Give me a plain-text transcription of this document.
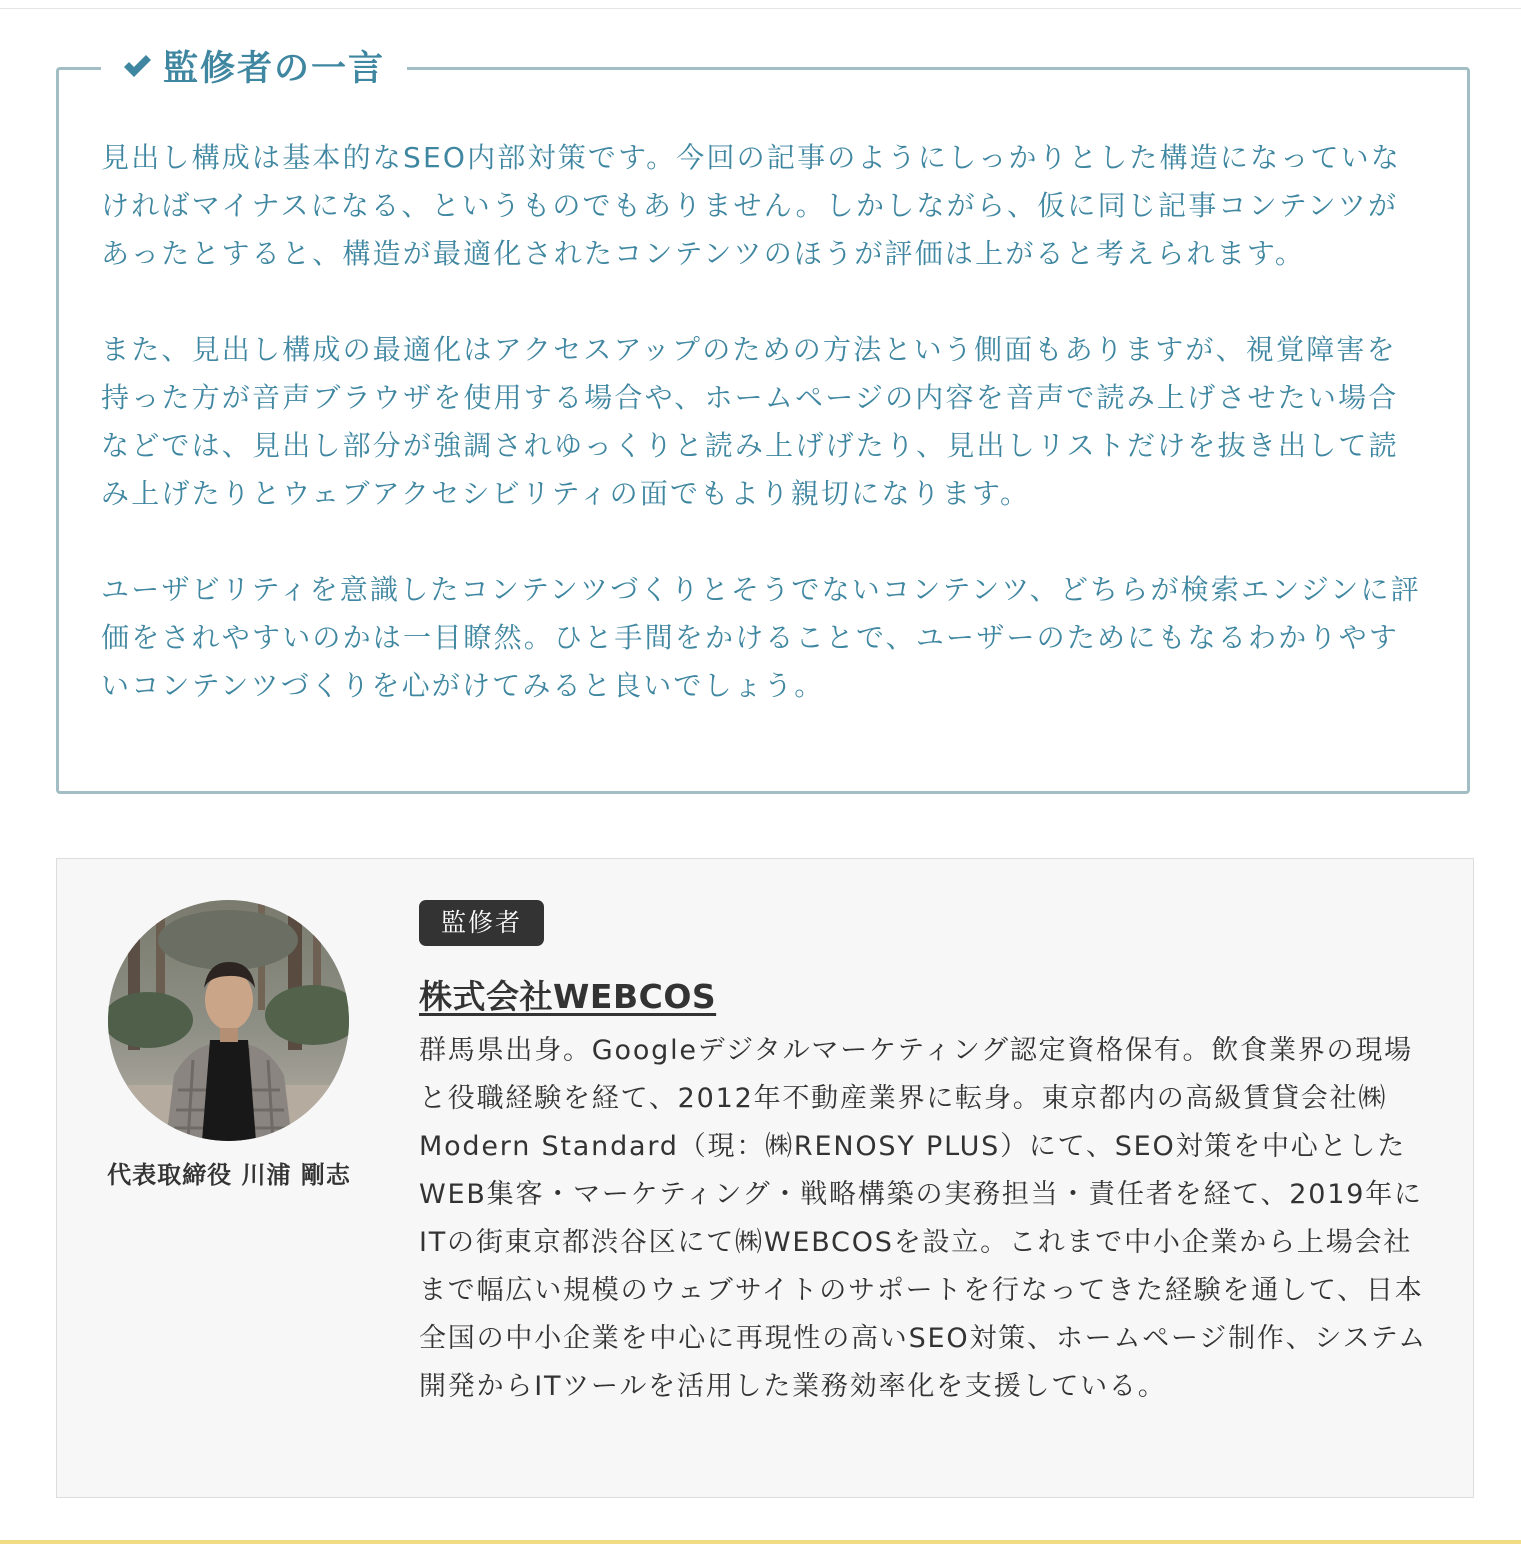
監修者の一言

見出し構成は基本的なSEO内部対策です。今回の記事のようにしっかりとした構造になっていなければマイナスになる、というものでもありません。しかしながら、仮に同じ記事コンテンツがあったとすると、構造が最適化されたコンテンツのほうが評価は上がると考えられます。

また、見出し構成の最適化はアクセスアップのための方法という側面もありますが、視覚障害を持った方が音声ブラウザを使用する場合や、ホームページの内容を音声で読み上げさせたい場合などでは、見出し部分が強調されゆっくりと読み上げげたり、見出しリストだけを抜き出して読み上げたりとウェブアクセシビリティの面でもより親切になります。

ユーザビリティを意識したコンテンツづくりとそうでないコンテンツ、どちらが検索エンジンに評価をされやすいのかは一目瞭然。ひと手間をかけることで、ユーザーのためにもなるわかりやすいコンテンツづくりを心がけてみると良いでしょう。

代表取締役 川浦 剛志
監修者
株式会社WEBCOS
群馬県出身。Googleデジタルマーケティング認定資格保有。飲食業界の現場と役職経験を経て、2012年不動産業界に転身。東京都内の高級賃貸会社㈱Modern Standard（現：㈱RENOSY PLUS）にて、SEO対策を中心としたWEB集客・マーケティング・戦略構築の実務担当・責任者を経て、2019年にITの街東京都渋谷区にて㈱WEBCOSを設立。これまで中小企業から上場会社まで幅広い規模のウェブサイトのサポートを行なってきた経験を通して、日本全国の中小企業を中心に再現性の高いSEO対策、ホームページ制作、システム開発からITツールを活用した業務効率化を支援している。
